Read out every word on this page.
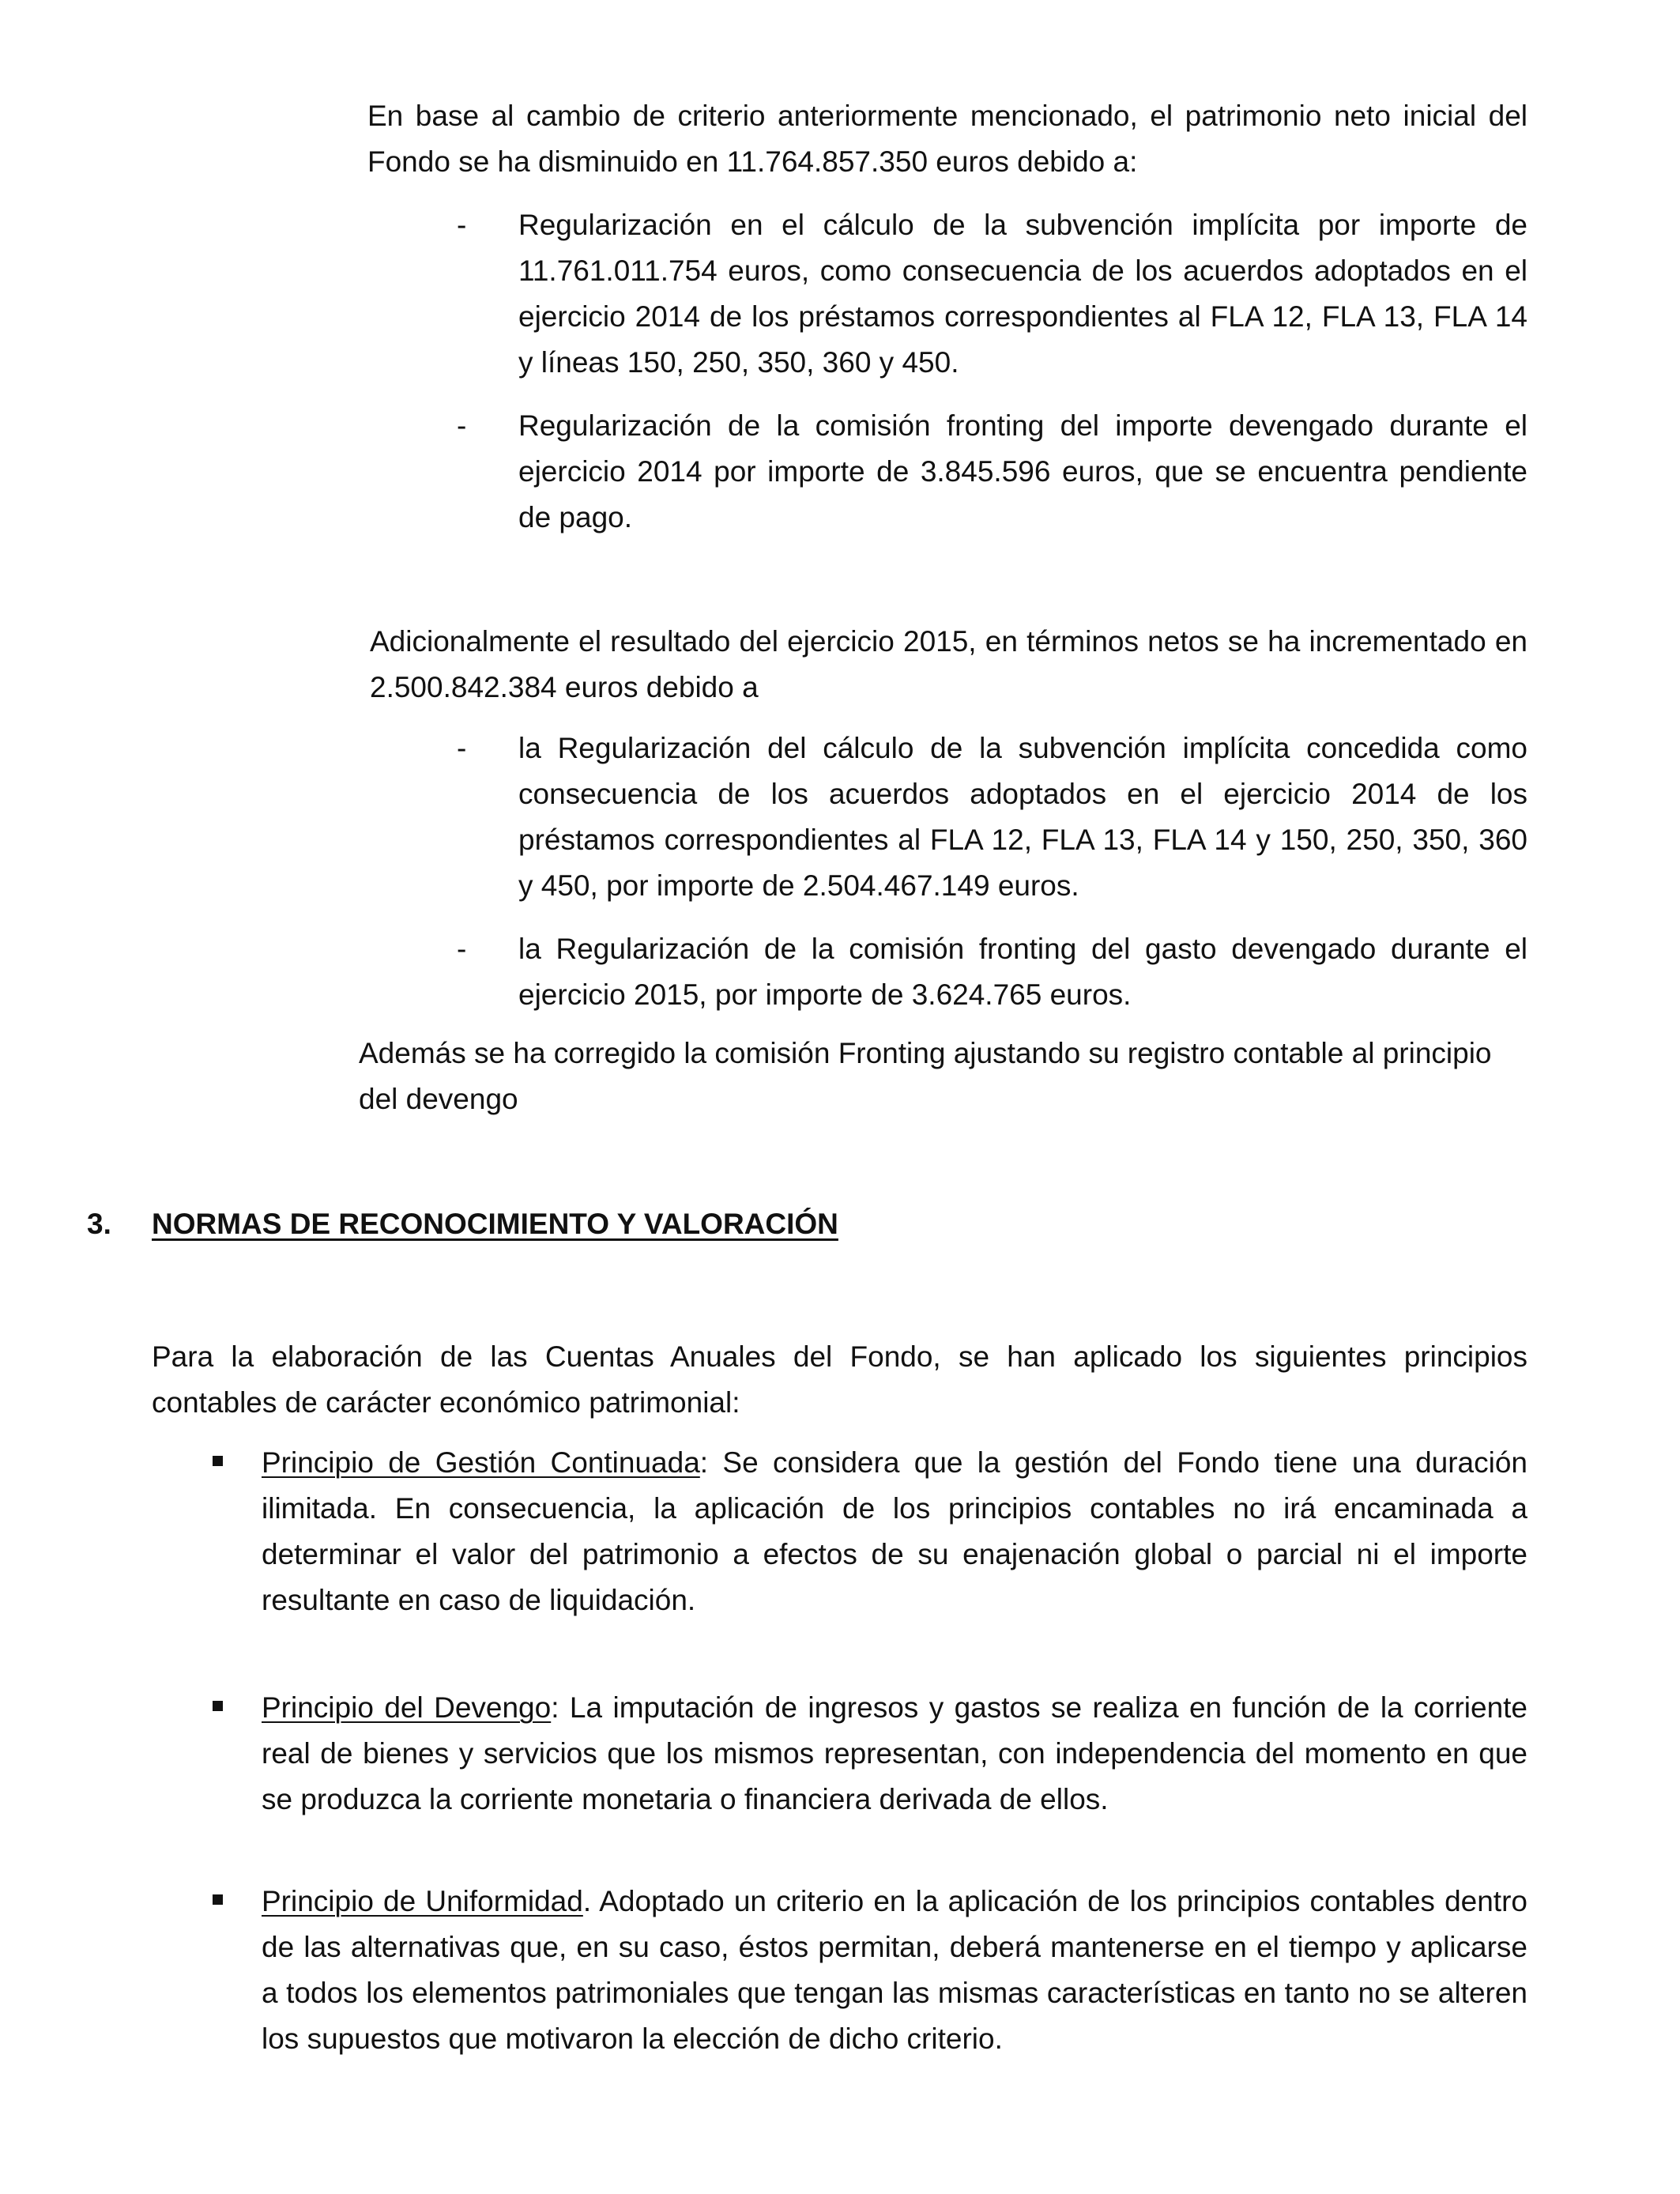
En base al cambio de criterio anteriormente mencionado, el patrimonio neto inicial del Fondo se ha disminuido en 11.764.857.350 euros debido a:

-	Regularización en el cálculo de la subvención implícita por importe de 11.761.011.754 euros, como consecuencia de los acuerdos adoptados en el ejercicio 2014 de los préstamos correspondientes al FLA 12, FLA 13, FLA 14 y líneas 150, 250, 350, 360 y 450.

-	Regularización de la comisión fronting del importe devengado durante el ejercicio 2014 por importe de 3.845.596 euros, que se encuentra pendiente de pago.

Adicionalmente el resultado del ejercicio 2015, en términos netos se ha incrementado en 2.500.842.384 euros debido a

-	la Regularización del cálculo de la subvención implícita concedida como consecuencia de los acuerdos adoptados en el ejercicio 2014 de los préstamos correspondientes al FLA 12, FLA 13, FLA 14 y 150, 250, 350, 360 y 450, por importe de 2.504.467.149 euros.

-	la Regularización de la comisión fronting del gasto devengado durante el ejercicio 2015, por importe de 3.624.765 euros.

Además se ha corregido la comisión Fronting ajustando su registro contable al principio del devengo

3. NORMAS DE RECONOCIMIENTO Y VALORACIÓN

Para la elaboración de las Cuentas Anuales del Fondo, se han aplicado los siguientes principios contables de carácter económico patrimonial:

Principio de Gestión Continuada: Se considera que la gestión del Fondo tiene una duración ilimitada. En consecuencia, la aplicación de los principios contables no irá encaminada a determinar el valor del patrimonio a efectos de su enajenación global o parcial ni el importe resultante en caso de liquidación.

Principio del Devengo: La imputación de ingresos y gastos se realiza en función de la corriente real de bienes y servicios que los mismos representan, con independencia del momento en que se produzca la corriente monetaria o financiera derivada de ellos.

Principio de Uniformidad. Adoptado un criterio en la aplicación de los principios contables dentro de las alternativas que, en su caso, éstos permitan, deberá mantenerse en el tiempo y aplicarse a todos los elementos patrimoniales que tengan las mismas características en tanto no se alteren los supuestos que motivaron la elección de dicho criterio.
